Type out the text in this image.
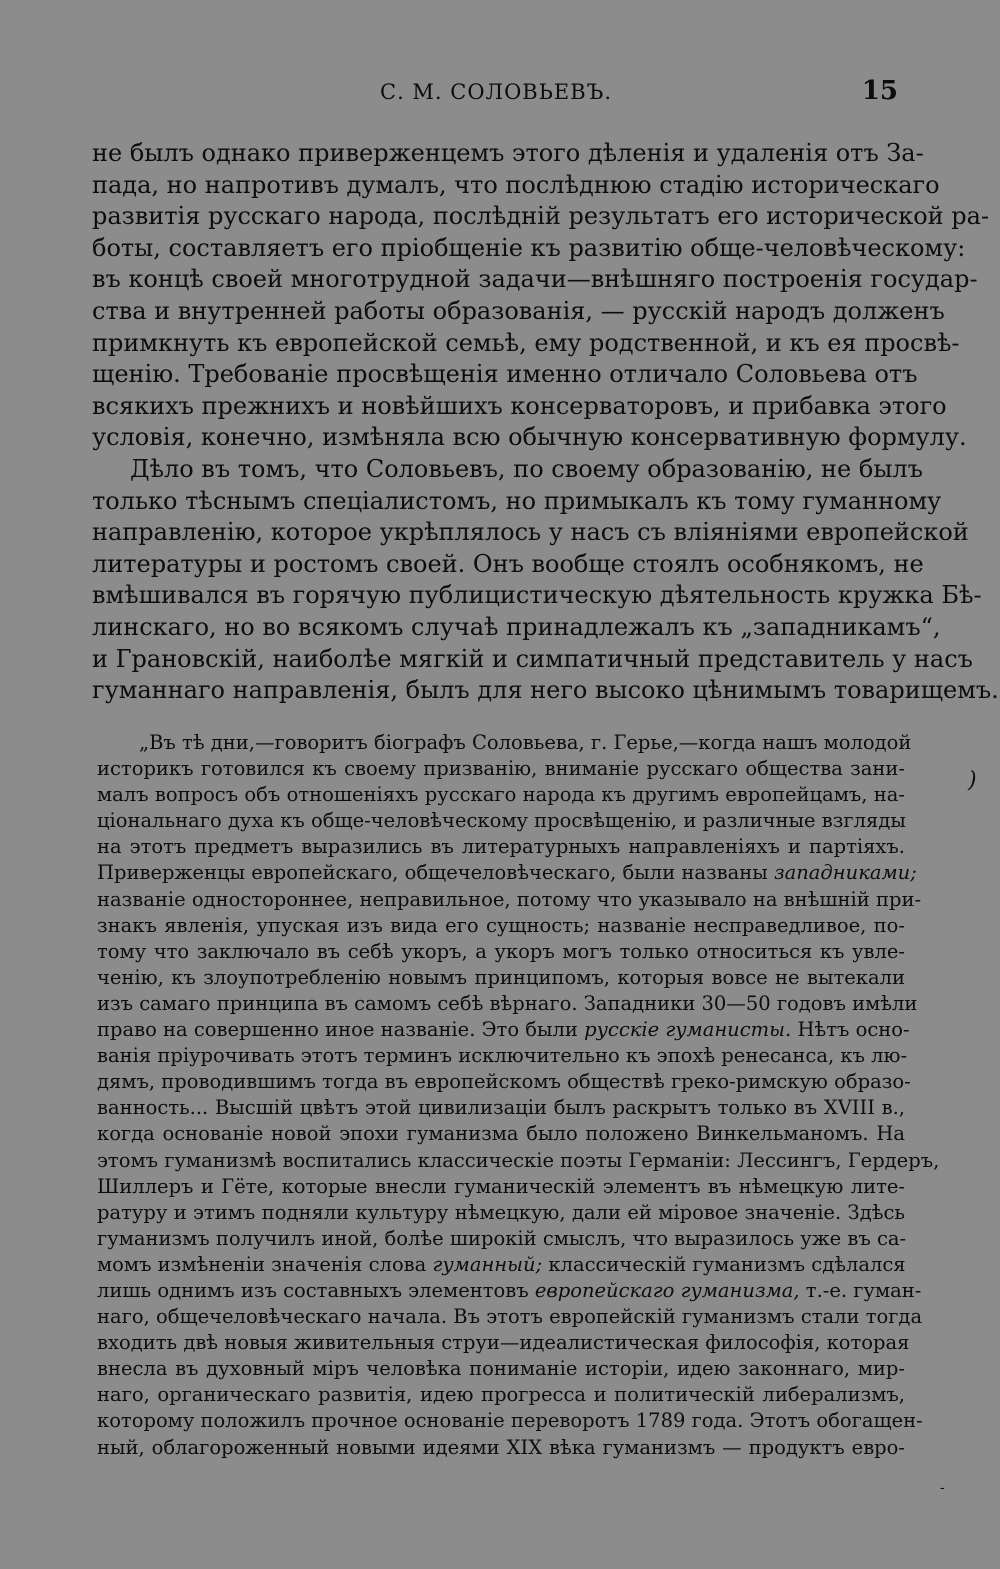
С. М. СОЛОВЬЕВЪ.	15
не былъ однако приверженцемъ этого дѣленія и удаленія отъ За-
пада, но напротивъ думалъ, что послѣднюю стадію историческаго
развитія русскаго народа, послѣдній результатъ его исторической ра-
боты, составляетъ его пріобщеніе къ развитію обще-человѣческому:
въ концѣ своей многотрудной задачи—внѣшняго построенія государ-
ства и внутренней работы образованія, — русскій народъ долженъ
примкнуть къ европейской семьѣ, ему родственной, и къ ея просвѣ-
щенію. Требованіе просвѣщенія именно отличало Соловьева отъ
всякихъ прежнихъ и новѣйшихъ консерваторовъ, и прибавка этого
условія, конечно, измѣняла всю обычную консервативную формулу.
Дѣло въ томъ, что Соловьевъ, по своему образованію, не былъ
только тѣснымъ спеціалистомъ, но примыкалъ къ тому гуманному
направленію, которое укрѣплялось у насъ съ вліяніями европейской
литературы и ростомъ своей. Онъ вообще стоялъ особнякомъ, не
вмѣшивался въ горячую публицистическую дѣятельность кружка Бѣ-
линскаго, но во всякомъ случаѣ принадлежалъ къ „западникамъ“,
и Грановскій, наиболѣе мягкій и симпатичный представитель у насъ
гуманнаго направленія, былъ для него высоко цѣнимымъ товарищемъ.
„Въ тѣ дни,—говоритъ біографъ Соловьева, г. Герье,—когда нашъ молодой
историкъ готовился къ своему призванію, вниманіе русскаго общества зани-
малъ вопросъ объ отношеніяхъ русскаго народа къ другимъ европейцамъ, на-
ціональнаго духа къ обще-человѣческому просвѣщенію, и различные взгляды
на этотъ предметъ выразились въ литературныхъ направленіяхъ и партіяхъ.
Приверженцы европейскаго, общечеловѣческаго, были названы западниками;
названіе одностороннее, неправильное, потому что указывало на внѣшній при-
знакъ явленія, упуская изъ вида его сущность; названіе несправедливое, по-
тому что заключало въ себѣ укоръ, а укоръ могъ только относиться къ увле-
ченію, къ злоупотребленію новымъ принципомъ, которыя вовсе не вытекали
изъ самаго принципа въ самомъ себѣ вѣрнаго. Западники 30—50 годовъ имѣли
право на совершенно иное названіе. Это были русскіе гуманисты. Нѣтъ осно-
ванія пріурочивать этотъ терминъ исключительно къ эпохѣ ренесанса, къ лю-
дямъ, проводившимъ тогда въ европейскомъ обществѣ греко-римскую образо-
ванность... Высшій цвѣтъ этой цивилизаціи былъ раскрытъ только въ XVIII в.,
когда основаніе новой эпохи гуманизма было положено Винкельманомъ. На
этомъ гуманизмѣ воспитались классическіе поэты Германіи: Лессингъ, Гердеръ,
Шиллеръ и Гёте, которые внесли гуманическій элементъ въ нѣмецкую лите-
ратуру и этимъ подняли культуру нѣмецкую, дали ей міровое значеніе. Здѣсь
гуманизмъ получилъ иной, болѣе широкій смыслъ, что выразилось уже въ са-
момъ измѣненіи значенія слова гуманный; классическій гуманизмъ сдѣлался
лишь однимъ изъ составныхъ элементовъ европейскаго гуманизма, т.-е. гуман-
наго, общечеловѣческаго начала. Въ этотъ европейскій гуманизмъ стали тогда
входить двѣ новыя живительныя струи—идеалистическая философія, которая
внесла въ духовный міръ человѣка пониманіе исторіи, идею законнаго, мир-
наго, органическаго развитія, идею прогресса и политическій либерализмъ,
которому положилъ прочное основаніе переворотъ 1789 года. Этотъ обогащен-
ный, облагороженный новыми идеями XIX вѣка гуманизмъ — продуктъ евро-
)
-
